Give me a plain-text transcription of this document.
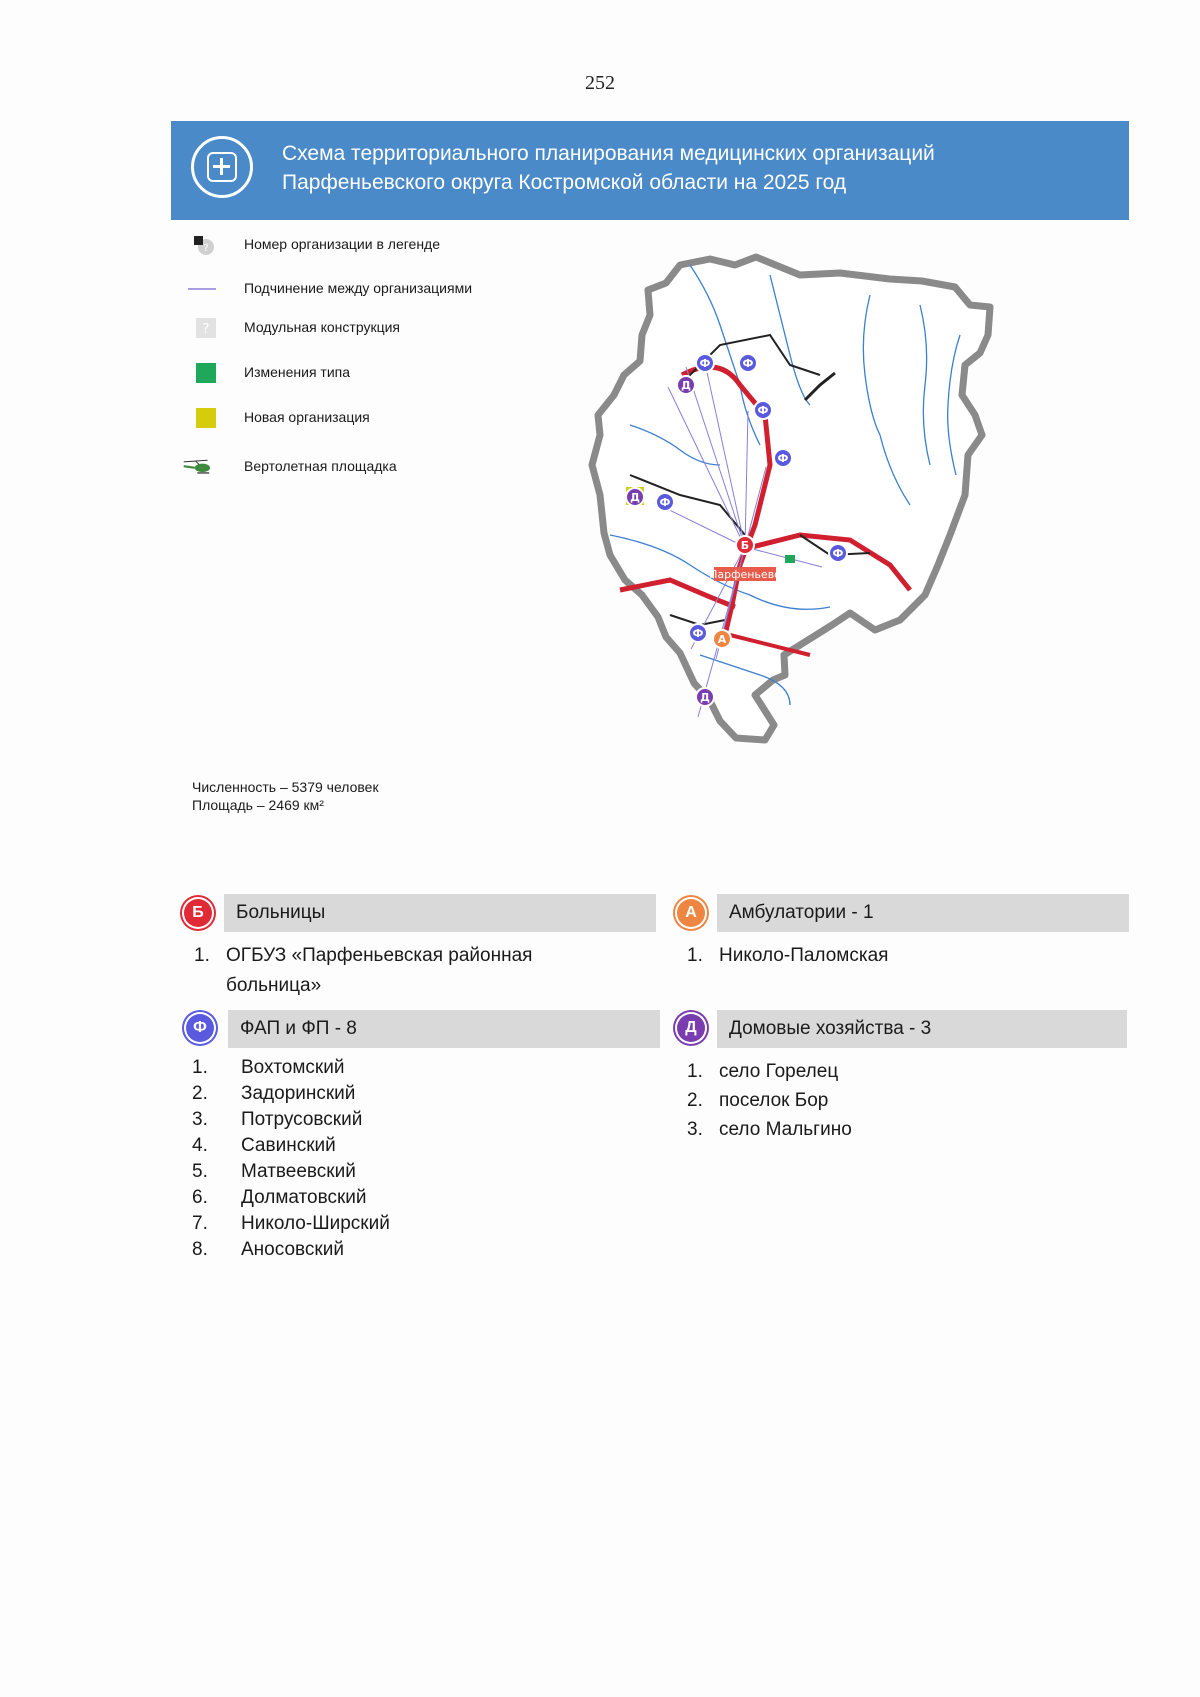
252
Схема территориального планирования медицинских организаций
Парфеньевского округа Костромской области на 2025 год
?	Номер организации в легенде
Подчинение между организациями
? Модульная конструкция
Изменения типа
Новая организация
Вертолетная площадка
Ф	Ф
Д
Ф
Ф
Ф
Ф
Ф
Д
Д
Б
А
Парфеньево
Численность – 5379 человек
Площадь – 2469 км²
Б	Больницы
1. ОГБУЗ «Парфеньевская районная
больница»
А	Амбулатории - 1
1. Николо-Паломская
Ф	ФАП и ФП - 8
1.	Вохтомский
2.	Задоринский
3.	Потрусовский
4.	Савинский
5.	Матвеевский
6.	Долматовский
7.	Николо-Ширский
8.	Аносовский
Д	Домовые хозяйства - 3
1. село Горелец
2. поселок Бор
3. село Мальгино
